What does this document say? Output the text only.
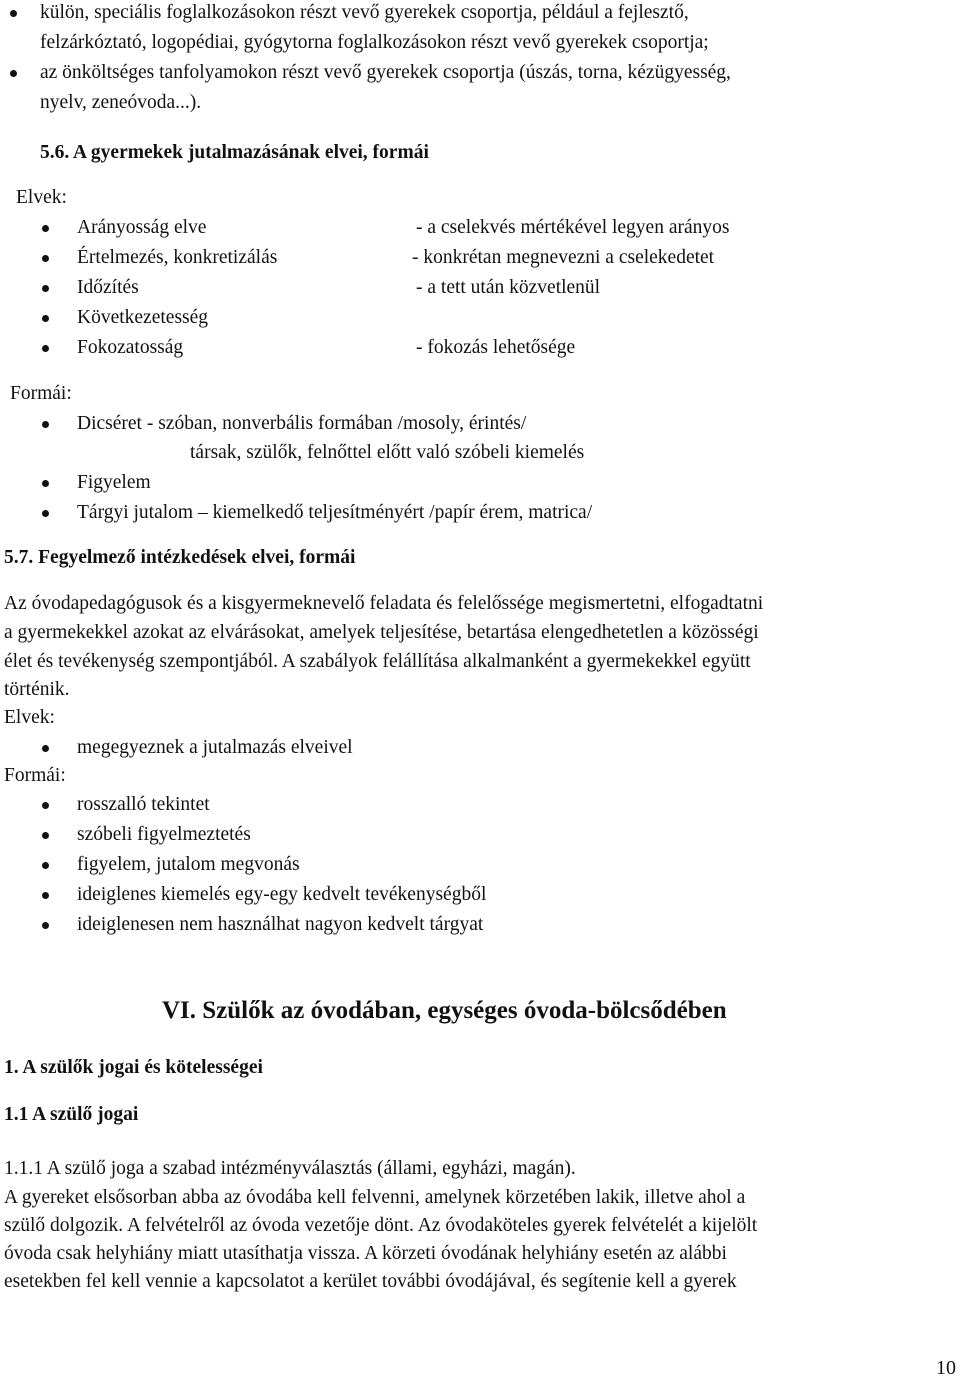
külön, speciális foglalkozásokon részt vevő gyerekek csoportja, például a fejlesztő,
felzárkóztató, logopédiai, gyógytorna foglalkozásokon részt vevő gyerekek csoportja;
az önköltséges tanfolyamokon részt vevő gyerekek csoportja (úszás, torna, kézügyesség,
nyelv, zeneóvoda...).
5.6. A gyermekek jutalmazásának elvei, formái
Elvek:
Arányosság elve	- a cselekvés mértékével legyen arányos
Értelmezés, konkretizálás	- konkrétan megnevezni a cselekedetet
Időzítés	- a tett után közvetlenül
Következetesség
Fokozatosság	- fokozás lehetősége
Formái:
Dicséret - szóban, nonverbális formában /mosoly, érintés/
társak, szülők, felnőttel előtt való szóbeli kiemelés
Figyelem
Tárgyi jutalom – kiemelkedő teljesítményért /papír érem, matrica/
5.7. Fegyelmező intézkedések elvei, formái
Az óvodapedagógusok és a kisgyermeknevelő feladata és felelőssége megismertetni, elfogadtatni
a gyermekekkel azokat az elvárásokat, amelyek teljesítése, betartása elengedhetetlen a közösségi
élet és tevékenység szempontjából. A szabályok felállítása alkalmanként a gyermekekkel együtt
történik.
Elvek:
megegyeznek a jutalmazás elveivel
Formái:
rosszalló tekintet
szóbeli figyelmeztetés
figyelem, jutalom megvonás
ideiglenes kiemelés egy-egy kedvelt tevékenységből
ideiglenesen nem használhat nagyon kedvelt tárgyat
VI. Szülők az óvodában, egységes óvoda-bölcsődében
1. A szülők jogai és kötelességei
1.1 A szülő jogai
1.1.1 A szülő joga a szabad intézményválasztás (állami, egyházi, magán).
A gyereket elsősorban abba az óvodába kell felvenni, amelynek körzetében lakik, illetve ahol a
szülő dolgozik. A felvételről az óvoda vezetője dönt. Az óvodaköteles gyerek felvételét a kijelölt
óvoda csak helyhiány miatt utasíthatja vissza. A körzeti óvodának helyhiány esetén az alábbi
esetekben fel kell vennie a kapcsolatot a kerület további óvodájával, és segítenie kell a gyerek
10
